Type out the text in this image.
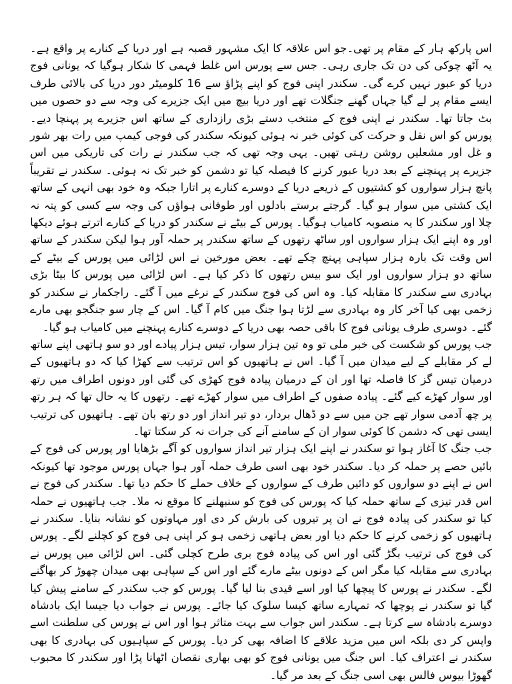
اس پارکھ ہار کے مقام پر تھی۔جو اس علاقہ کا ایک مشہور قصبہ ہے اور دریا کے کنارے پر واقع ہے۔ یہ آٹھ چوکی کی دن تک جاری رہی۔ جس سے پورس اس غلط فہمی کا شکار ہوگیا کہ یونانی فوج دریا کو عبور نہیں کرے گی۔ سکندر اپنی فوج کو اپنے پڑاؤ سے 16 کلومیٹر دور دریا کی بالائی طرف ایسے مقام پر لے گیا جہاں گھنے جنگلات تھے اور دریا بیچ میں ایک جزیرے کی وجہ سے دو حصوں میں بٹ جاتا تھا۔ سکندر نے اپنی فوج کے منتخب دستے بڑی رازداری کے ساتھ اس جزیرے پر پہنچا دیے۔ پورس کو اس نقل و حرکت کی کوئی خبر نہ ہوئی کیونکہ سکندر کی فوجی کیمپ میں رات بھر شور و غل اور مشعلیں روشن رہتی تھیں۔ یہی وجہ تھی کہ جب سکندر نے رات کی تاریکی میں اس جزیرے پر پہنچنے کے بعد دریا عبور کرنے کا فیصلہ کیا تو دشمن کو خبر تک نہ ہوئی۔ سکندر نے تقریباً پانچ ہزار سواروں کو کشتیوں کے ذریعے دریا کے دوسرے کنارے پر اتارا جبکہ وہ خود بھی انہی کے ساتھ ایک کشتی میں سوار ہو گیا۔ گرجتے برستے بادلوں اور طوفانی ہواؤں کی وجہ سے کسی کو پتہ نہ چلا اور سکندر کا یہ منصوبہ کامیاب ہوگیا۔ پورس کے بیٹے نے سکندر کو دریا کے کنارے اترتے ہوئے دیکھا اور وہ اپنے ایک ہزار سواروں اور ساٹھ رتھوں کے ساتھ سکندر پر حملہ آور ہوا لیکن سکندر کے ساتھ اس وقت تک بارہ ہزار سپاہی پہنچ چکے تھے۔ بعض مورخین نے اس لڑائی میں پورس کے بیٹے کے ساتھ دو ہزار سواروں اور ایک سو بیس رتھوں کا ذکر کیا ہے۔ اس لڑائی میں پورس کا بیٹا بڑی بہادری سے سکندر کا مقابلہ کیا۔ وہ اس کی فوج سکندر کے نرغے میں آ گئے۔ راجکمار نے سکندر کو زخمی بھی کیا آخر کار وہ بہادری سے لڑتا ہوا جنگ میں کام آ گیا۔ اس کے چار سو جنگجو بھی مارے گئے۔ دوسری طرف یونانی فوج کا باقی حصہ بھی دریا کے دوسرے کنارے پہنچنے میں کامیاب ہو گیا۔

جب پورس کو شکست کی خبر ملی تو وہ تین ہزار سوار، تیس ہزار پیادے اور دو سو ہاتھی اپنے ساتھ لے کر مقابلے کے لیے میدان میں آ گیا۔ اس نے ہاتھیوں کو اس ترتیب سے کھڑا کیا کہ دو ہاتھیوں کے درمیان تیس گز کا فاصلہ تھا اور ان کے درمیان پیادہ فوج کھڑی کی گئی اور دونوں اطراف میں رتھ اور سوار کھڑے کیے گئے۔ پیادہ صفوں کے اطراف میں سوار کھڑے تھے۔ رتھوں کا یہ حال تھا کہ ہر رتھ پر چھ آدمی سوار تھے جن میں سے دو ڈھال بردار، دو تیر انداز اور دو رتھ بان تھے۔ ہاتھیوں کی ترتیب ایسی تھی کہ دشمن کا کوئی سوار ان کے سامنے آنے کی جرات نہ کر سکتا تھا۔

جب جنگ کا آغاز ہوا تو سکندر نے اپنے ایک ہزار تیر انداز سواروں کو آگے بڑھایا اور پورس کی فوج کے بائیں حصے پر حملہ کر دیا۔ سکندر خود بھی اسی طرف حملہ آور ہوا جہاں پورس موجود تھا کیونکہ اس نے اپنے دو سواروں کو دائیں طرف کے سواروں کے خلاف حملے کا حکم دیا تھا۔ سکندر کی فوج نے اس قدر تیزی کے ساتھ حملہ کیا کہ پورس کی فوج کو سنبھلنے کا موقع نہ ملا۔ جب ہاتھیوں نے حملہ کیا تو سکندر کی پیادہ فوج نے ان پر تیروں کی بارش کر دی اور مہاوتوں کو نشانہ بنایا۔ سکندر نے ہاتھیوں کو زخمی کرنے کا حکم دیا اور بعض ہاتھی زخمی ہو کر اپنی ہی فوج کو کچلنے لگے۔ پورس کی فوج کی ترتیب بگڑ گئی اور اس کی پیادہ فوج بری طرح کچلی گئی۔ اس لڑائی میں پورس نے بہادری سے مقابلہ کیا مگر اس کے دونوں بیٹے مارے گئے اور اس کے سپاہی بھی میدان چھوڑ کر بھاگنے لگے۔ سکندر نے پورس کا پیچھا کیا اور اسے قیدی بنا لیا گیا۔ پورس کو جب سکندر کے سامنے پیش کیا گیا تو سکندر نے پوچھا کہ تمہارے ساتھ کیسا سلوک کیا جائے۔ پورس نے جواب دیا جیسا ایک بادشاہ دوسرے بادشاہ سے کرتا ہے۔ سکندر اس جواب سے بہت متاثر ہوا اور اس نے پورس کی سلطنت اسے واپس کر دی بلکہ اس میں مزید علاقے کا اضافہ بھی کر دیا۔ پورس کے سپاہیوں کی بہادری کا بھی سکندر نے اعتراف کیا۔ اس جنگ میں یونانی فوج کو بھی بھاری نقصان اٹھانا پڑا اور سکندر کا محبوب گھوڑا بیوس فالس بھی اسی جنگ کے بعد مر گیا۔
